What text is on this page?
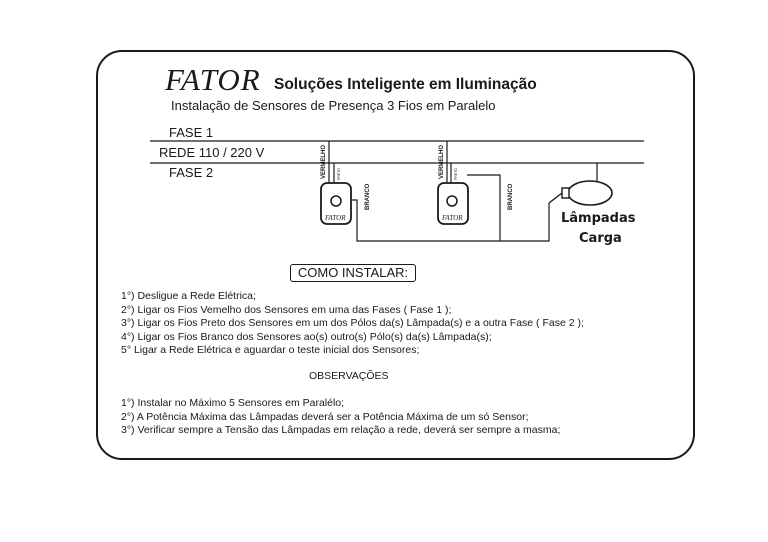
FATOR Soluções Inteligente em Iluminação
Instalação de Sensores de Presença 3 Fios em Paralelo
FASE 1
REDE 110 / 220 V
FASE 2
FATOR
VERMELHO	PRETO
BRANCO
FATOR
VERMELHO	PRETO
BRANCO
Lâmpadas
Carga
COMO INSTALAR:
1°) Desligue a Rede Elétrica;
2°) Ligar os Fios Vemelho dos Sensores em uma das Fases ( Fase 1 );
3°) Ligar os Fios Preto dos Sensores em um dos Pólos da(s) Lâmpada(s) e a outra Fase ( Fase 2 );
4°) Ligar os Fios Branco dos Sensores ao(s) outro(s) Pólo(s) da(s) Lâmpada(s);
5° Ligar a Rede Elétrica e aguardar o teste inicial dos Sensores;
OBSERVAÇÕES
1°) Instalar no Máximo 5 Sensores em Paralélo;
2°) A Potência Máxima das Lâmpadas deverá ser a Potência Máxima de um só Sensor;
3°) Verificar sempre a Tensão das Lâmpadas em relação a rede, deverá ser sempre a masma;
